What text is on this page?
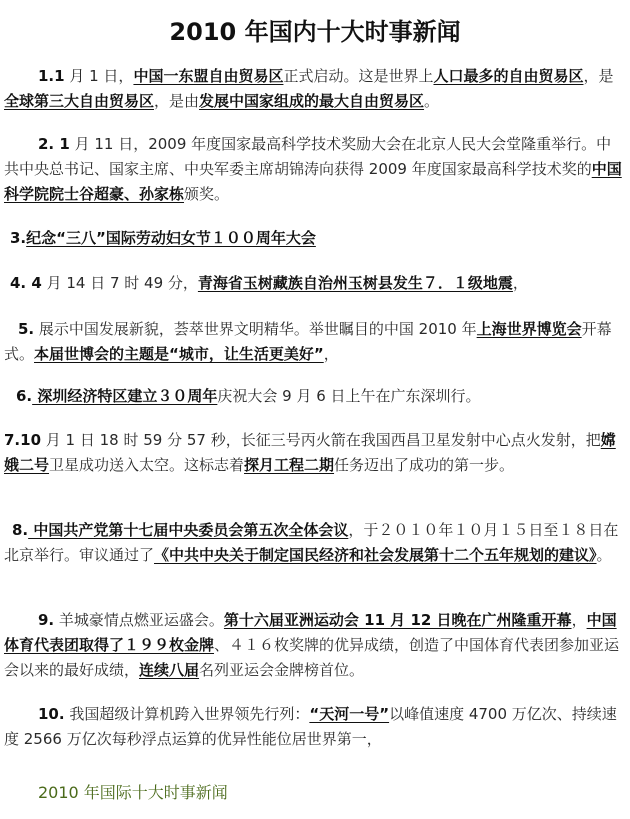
2010 年国内十大时事新闻
1.1 月 1 日，中国一东盟自由贸易区正式启动。这是世界上人口最多的自由贸易区，是全球第三大自由贸易区，是由发展中国家组成的最大自由贸易区。
2. 1 月 11 日，2009 年度国家最高科学技术奖励大会在北京人民大会堂隆重举行。中共中央总书记、国家主席、中央军委主席胡锦涛向获得 2009 年度国家最高科学技术奖的中国科学院院士谷超豪、孙家栋颁奖。
3.纪念“三八”国际劳动妇女节１００周年大会
4. 4 月 14 日 7 时 49 分，青海省玉树藏族自治州玉树县发生７．１级地震，
5. 展示中国发展新貌，荟萃世界文明精华。举世瞩目的中国 2010 年上海世界博览会开幕式。本届世博会的主题是“城市，让生活更美好”，
6. 深圳经济特区建立３０周年庆祝大会 9 月 6 日上午在广东深圳行。
7.10 月 1 日 18 时 59 分 57 秒，长征三号丙火箭在我国西昌卫星发射中心点火发射，把嫦娥二号卫星成功送入太空。这标志着探月工程二期任务迈出了成功的第一步。
8. 中国共产党第十七届中央委员会第五次全体会议，于２０１０年１０月１５日至１８日在北京举行。审议通过了《中共中央关于制定国民经济和社会发展第十二个五年规划的建议》。
9. 羊城豪情点燃亚运盛会。第十六届亚洲运动会 11 月 12 日晚在广州隆重开幕，中国体育代表团取得了１９９枚金牌、４１６枚奖牌的优异成绩，创造了中国体育代表团参加亚运会以来的最好成绩，连续八届名列亚运会金牌榜首位。
10. 我国超级计算机跨入世界领先行列：“天河一号”以峰值速度 4700 万亿次、持续速度 2566 万亿次每秒浮点运算的优异性能位居世界第一，
2010 年国际十大时事新闻
